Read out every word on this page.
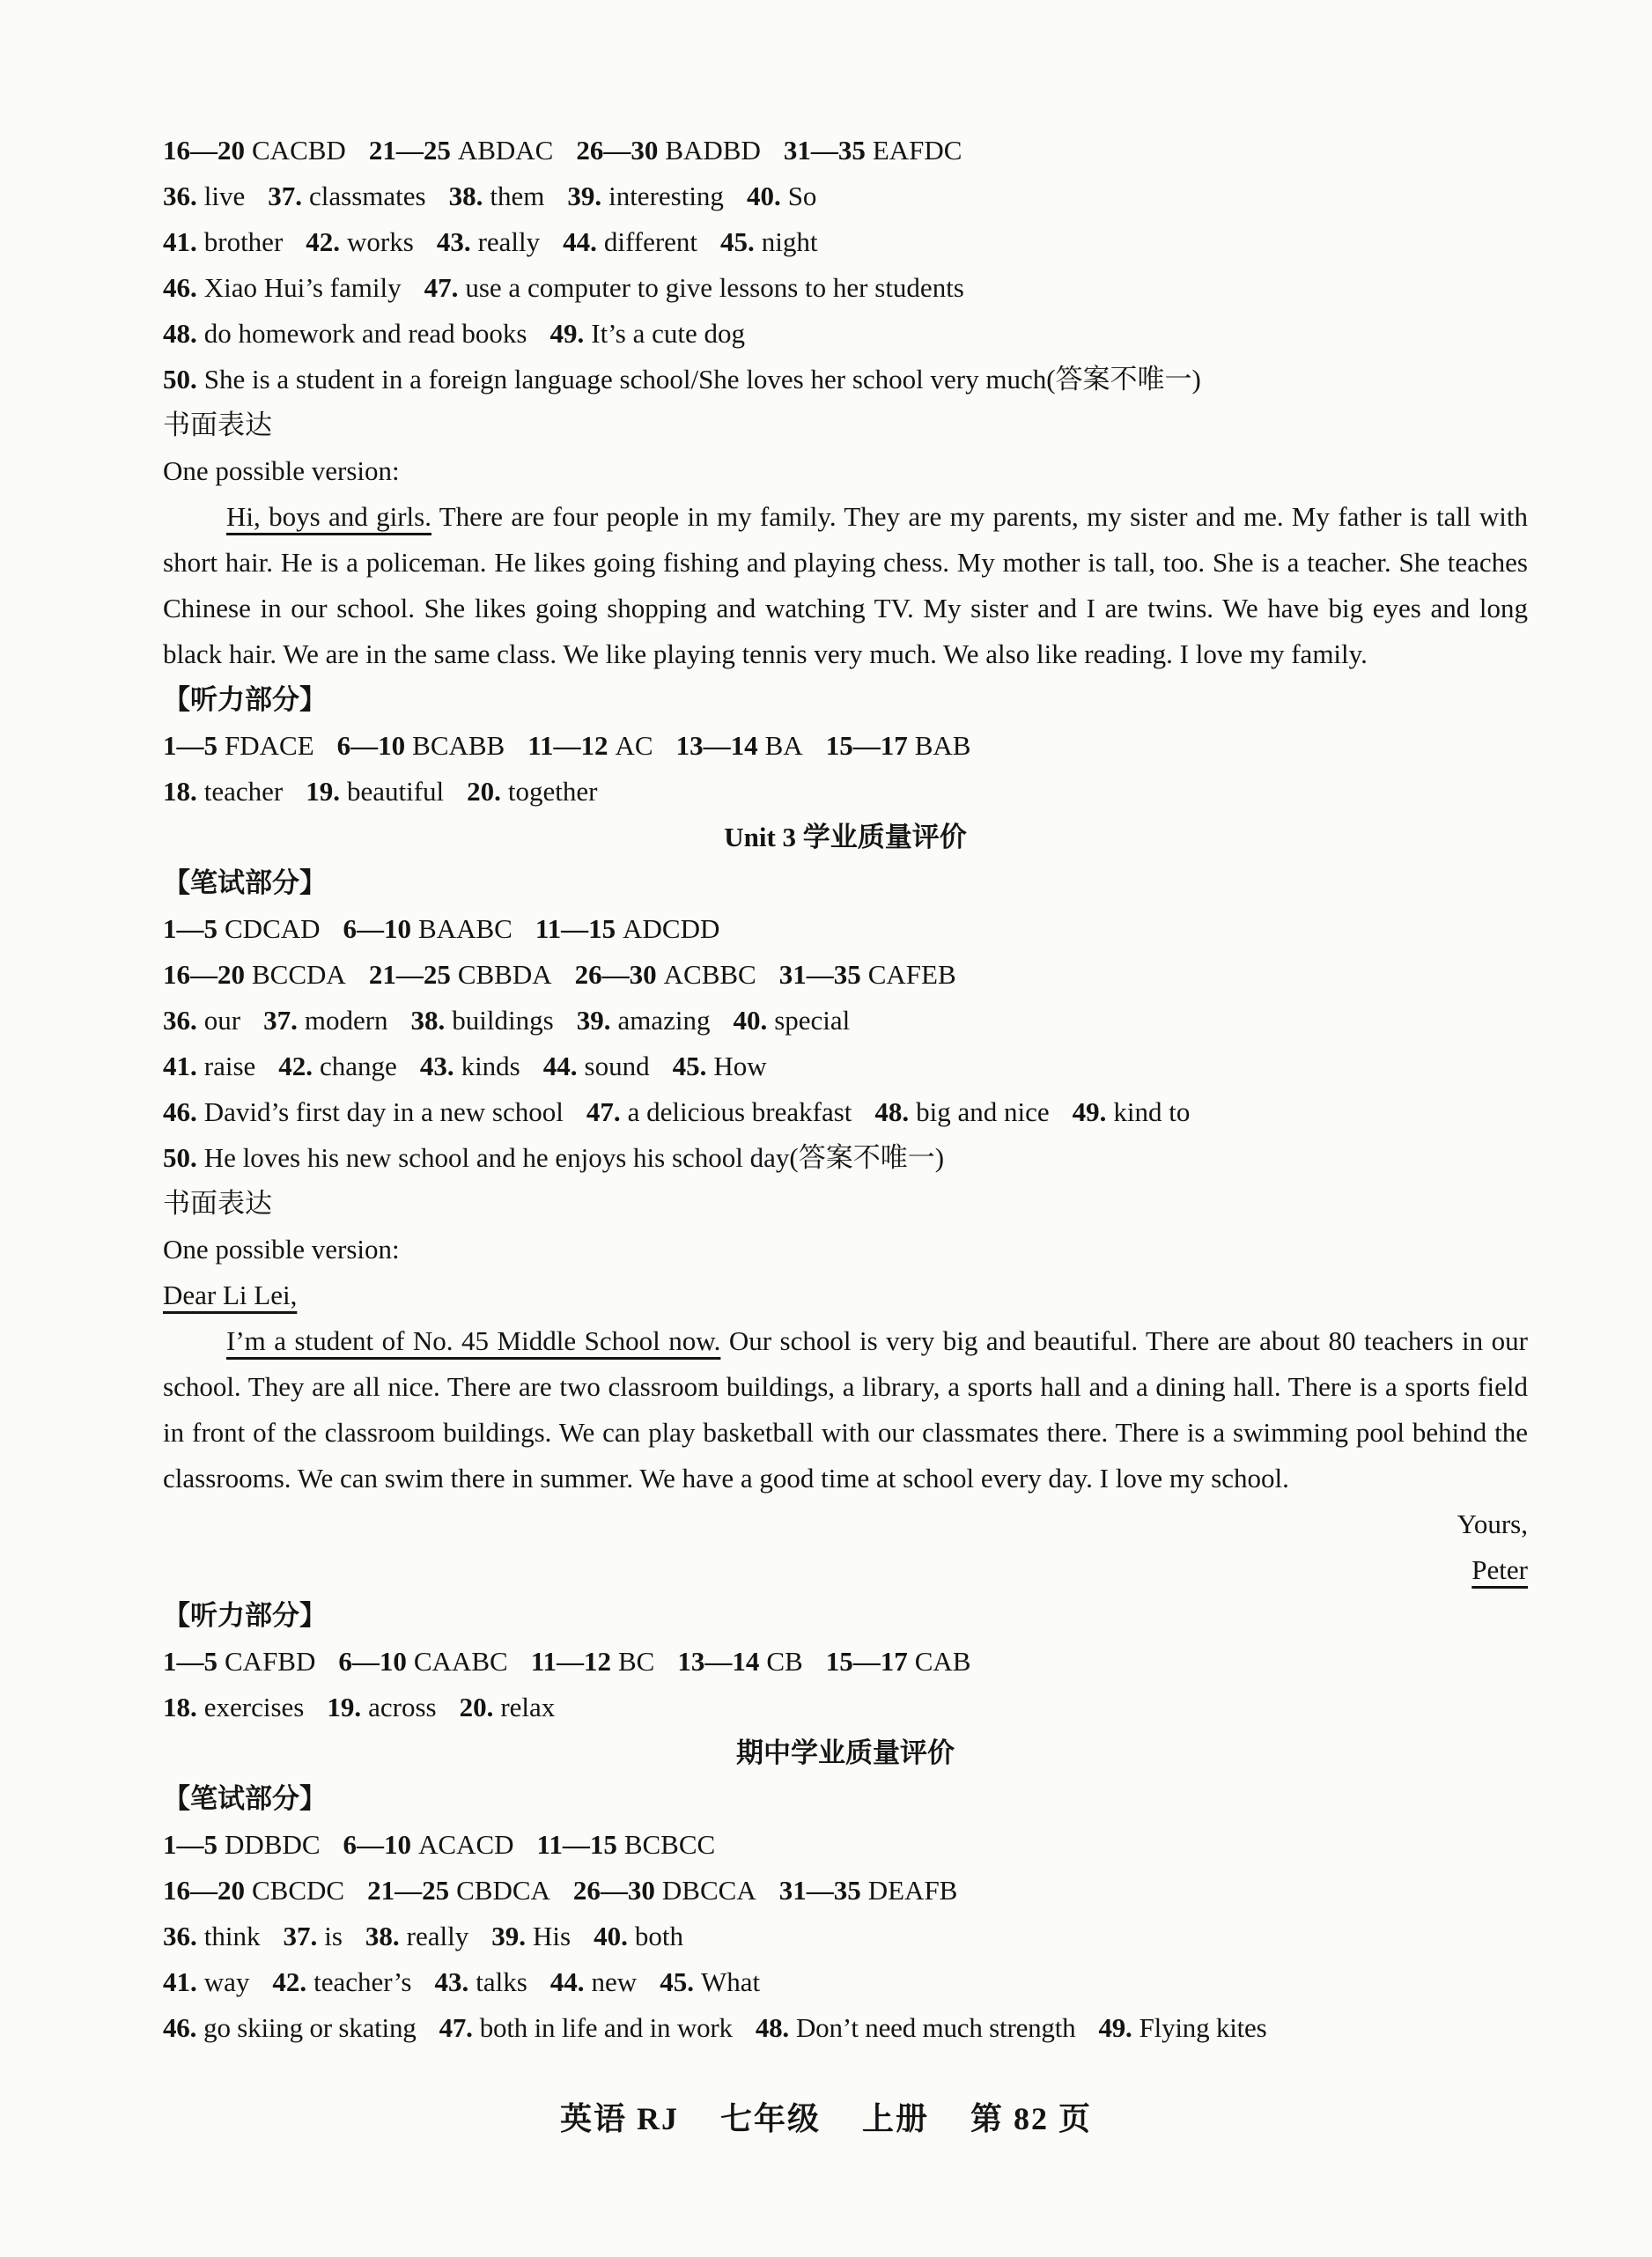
16—20 CACBD 21—25 ABDAC 26—30 BADBD 31—35 EAFDC
36. live 37. classmates 38. them 39. interesting 40. So
41. brother 42. works 43. really 44. different 45. night
46. Xiao Hui’s family 47. use a computer to give lessons to her students
48. do homework and read books 49. It’s a cute dog
50. She is a student in a foreign language school/She loves her school very much(答案不唯一)
书面表达
One possible version:

Hi, boys and girls. There are four people in my family. They are my parents, my sister and me. My father is tall with short hair. He is a policeman. He likes going fishing and playing chess. My mother is tall, too. She is a teacher. She teaches Chinese in our school. She likes going shopping and watching TV. My sister and I are twins. We have big eyes and long black hair. We are in the same class. We like playing tennis very much. We also like reading. I love my family.

【听力部分】
1—5 FDACE 6—10 BCABB 11—12 AC 13—14 BA 15—17 BAB
18. teacher 19. beautiful 20. together
Unit 3 学业质量评价
【笔试部分】
1—5 CDCAD 6—10 BAABC 11—15 ADCDD
16—20 BCCDA 21—25 CBBDA 26—30 ACBBC 31—35 CAFEB
36. our 37. modern 38. buildings 39. amazing 40. special
41. raise 42. change 43. kinds 44. sound 45. How
46. David’s first day in a new school 47. a delicious breakfast 48. big and nice 49. kind to
50. He loves his new school and he enjoys his school day(答案不唯一)
书面表达
One possible version:
Dear Li Lei,

I’m a student of No. 45 Middle School now. Our school is very big and beautiful. There are about 80 teachers in our school. They are all nice. There are two classroom buildings, a library, a sports hall and a dining hall. There is a sports field in front of the classroom buildings. We can play basketball with our classmates there. There is a swimming pool behind the classrooms. We can swim there in summer. We have a good time at school every day. I love my school.

Yours,
Peter
【听力部分】
1—5 CAFBD 6—10 CAABC 11—12 BC 13—14 CB 15—17 CAB
18. exercises 19. across 20. relax
期中学业质量评价
【笔试部分】
1—5 DDBDC 6—10 ACACD 11—15 BCBCC
16—20 CBCDC 21—25 CBDCA 26—30 DBCCA 31—35 DEAFB
36. think 37. is 38. really 39. His 40. both
41. way 42. teacher’s 43. talks 44. new 45. What
46. go skiing or skating 47. both in life and in work 48. Don’t need much strength 49. Flying kites
英语 RJ 七年级 上册 第 82 页
